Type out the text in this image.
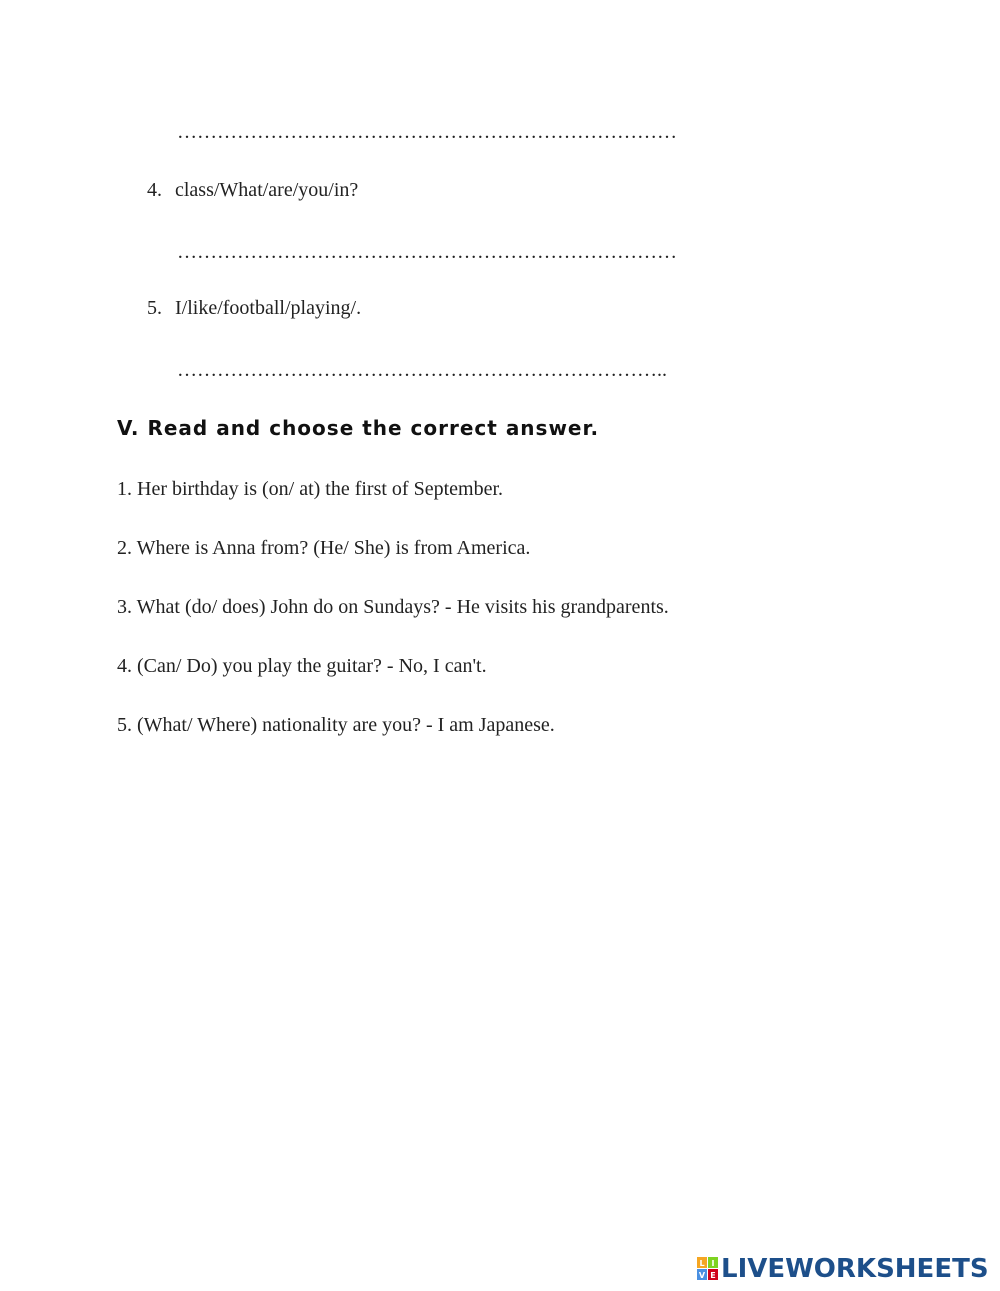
…………………………………………………………………
4. class/What/are/you/in?
…………………………………………………………………
5. I/like/football/playing/.
………………………………………………………………..
V. Read and choose the correct answer.
1. Her birthday is (on/ at) the first of September.
2. Where is Anna from? (He/ She) is from America.
3. What (do/ does) John do on Sundays? - He visits his grandparents.
4. (Can/ Do) you play the guitar? - No, I can't.
5. (What/ Where) nationality are you? - I am Japanese.
L I
V E LIVEWORKSHEETS
